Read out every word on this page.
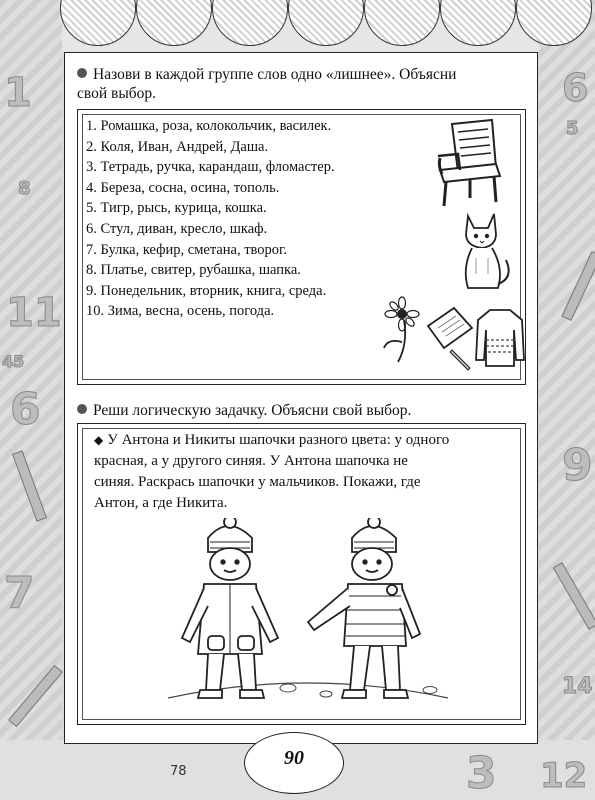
1
8
11
45
6
7
6
5
9
14
3 12
Назови в каждой группе слов одно «лишнее». Объясни
свой выбор.
1. Ромашка, роза, колокольчик, василек.
2. Коля, Иван, Андрей, Даша.
3. Тетрадь, ручка, карандаш, фломастер.
4. Береза, сосна, осина, тополь.
5. Тигр, рысь, курица, кошка.
6. Стул, диван, кресло, шкаф.
7. Булка, кефир, сметана, творог.
8. Платье, свитер, рубашка, шапка.
9. Понедельник, вторник, книга, среда.
10. Зима, весна, осень, погода.
Реши логическую задачку. Объясни свой выбор.
◆ У Антона и Никиты шапочки разного цвета: у одного
красная, а у другого синяя. У Антона шапочка не
синяя. Раскрась шапочки у мальчиков. Покажи, где
Антон, а где Никита.
78
90
